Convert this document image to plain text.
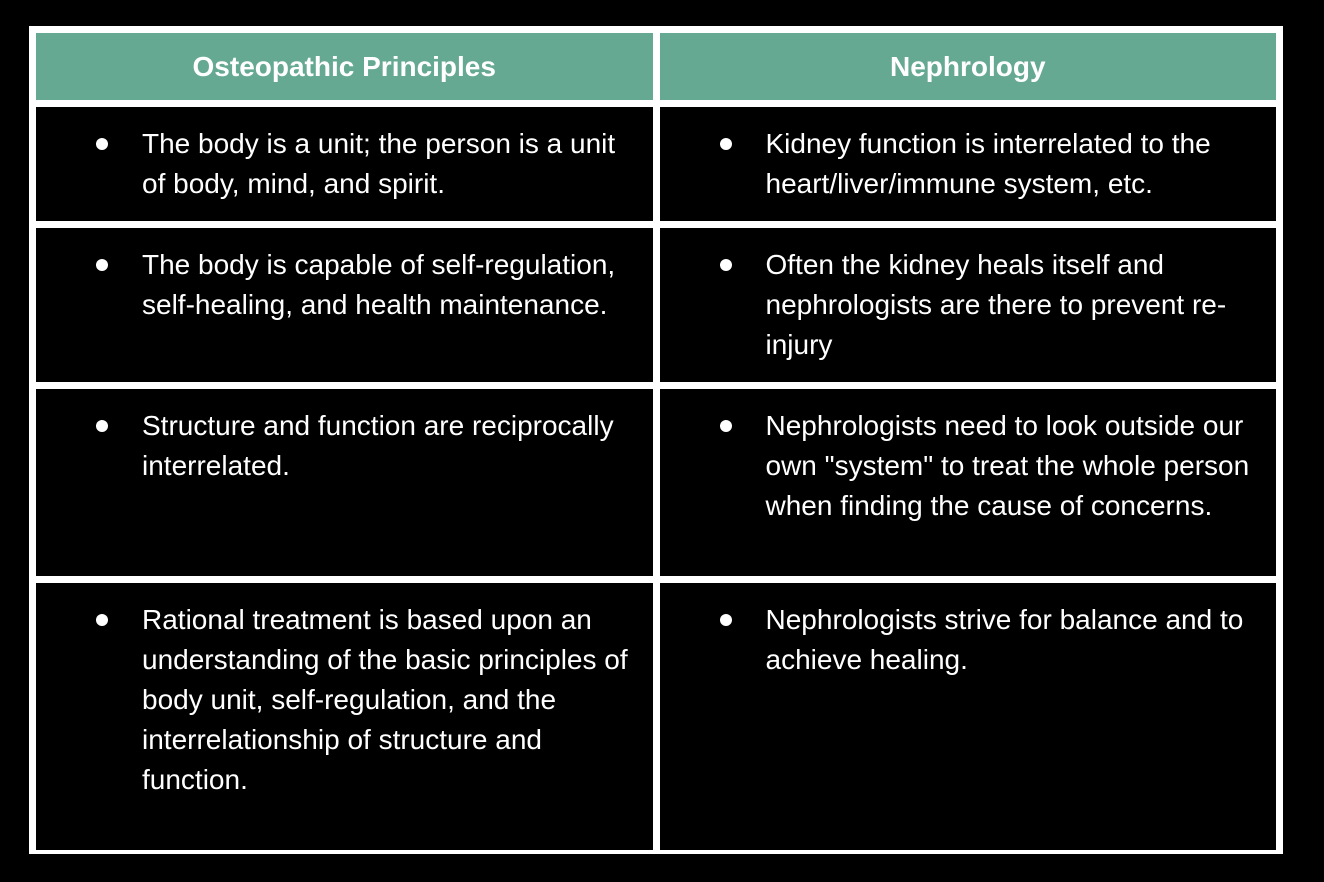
Osteopathic Principles	Nephrology

The body is a unit; the person is a unit of body, mind, and spirit.	Kidney function is interrelated to the heart/liver/immune system, etc.

The body is capable of self-regulation, self-healing, and health maintenance.	Often the kidney heals itself and nephrologists are there to prevent re-injury

Structure and function are reciprocally interrelated.	Nephrologists need to look outside our own "system" to treat the whole person when finding the cause of concerns.

Rational treatment is based upon an understanding of the basic principles of body unit, self-regulation, and the interrelationship of structure and function.	Nephrologists strive for balance and to achieve healing.
